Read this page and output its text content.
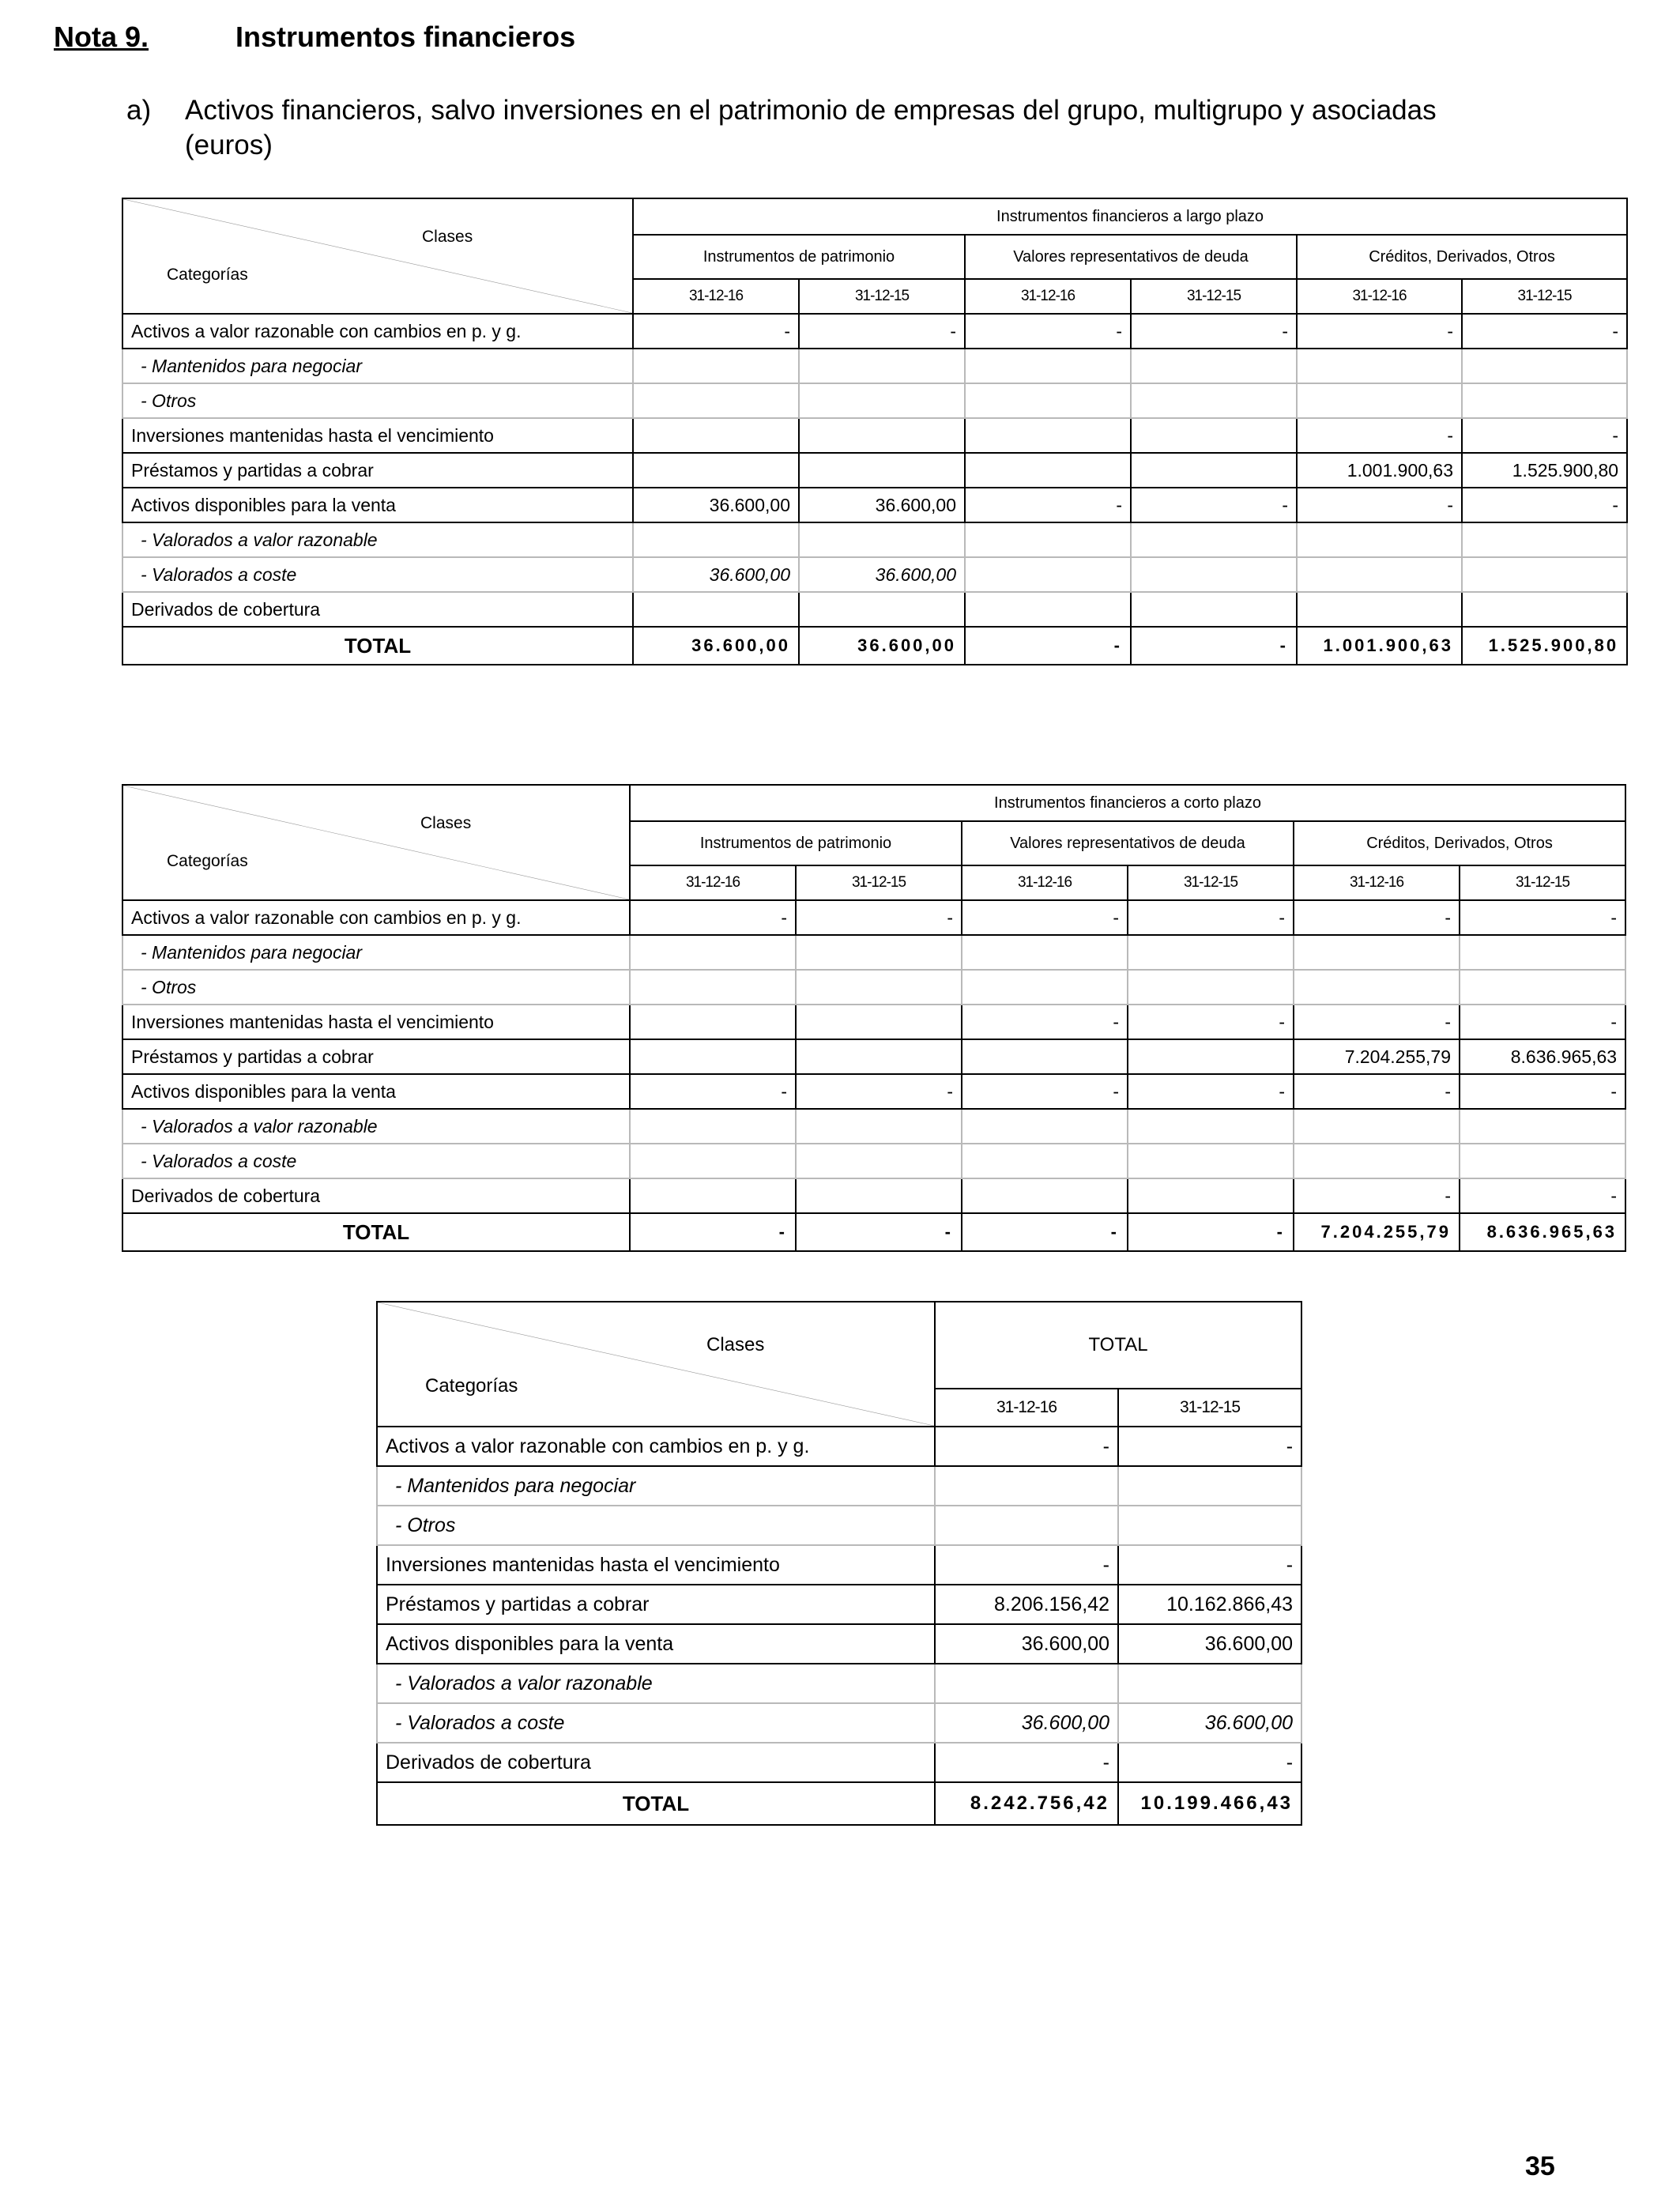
Nota 9.	Instrumentos financieros
a) Activos financieros, salvo inversiones en el patrimonio de empresas del grupo, multigrupo y asociadas (euros)
Clases
Categorías	Instrumentos financieros a largo plazo					
	Instrumentos de patrimonio		Valores representativos de deuda		Créditos, Derivados, Otros	
	31-12-16	31-12-15	31-12-16	31-12-15	31-12-16	31-12-15
Activos a valor razonable con cambios en p. y g.	-	-	-	-	-	-
- Mantenidos para negociar						
- Otros						
Inversiones mantenidas hasta el vencimiento					-	-
Préstamos y partidas a cobrar					1.001.900,63	1.525.900,80
Activos disponibles para la venta	36.600,00	36.600,00	-	-	-	-
- Valorados a valor razonable						
- Valorados a coste	36.600,00	36.600,00				
Derivados de cobertura						
TOTAL	36.600,00	36.600,00	-	-	1.001.900,63	1.525.900,80
Clases
Categorías	Instrumentos financieros a corto plazo					
	Instrumentos de patrimonio		Valores representativos de deuda		Créditos, Derivados, Otros	
	31-12-16	31-12-15	31-12-16	31-12-15	31-12-16	31-12-15
Activos a valor razonable con cambios en p. y g.	-	-	-	-	-	-
- Mantenidos para negociar						
- Otros						
Inversiones mantenidas hasta el vencimiento			-	-	-	-
Préstamos y partidas a cobrar					7.204.255,79	8.636.965,63
Activos disponibles para la venta	-	-	-	-	-	-
- Valorados a valor razonable						
- Valorados a coste						
Derivados de cobertura					-	-
TOTAL	-	-	-	-	7.204.255,79	8.636.965,63
Clases
Categorías	TOTAL	
	31-12-16	31-12-15
Activos a valor razonable con cambios en p. y g.	-	-
- Mantenidos para negociar		
- Otros		
Inversiones mantenidas hasta el vencimiento	-	-
Préstamos y partidas a cobrar	8.206.156,42	10.162.866,43
Activos disponibles para la venta	36.600,00	36.600,00
- Valorados a valor razonable		
- Valorados a coste	36.600,00	36.600,00
Derivados de cobertura	-	-
TOTAL	8.242.756,42	10.199.466,43
35
